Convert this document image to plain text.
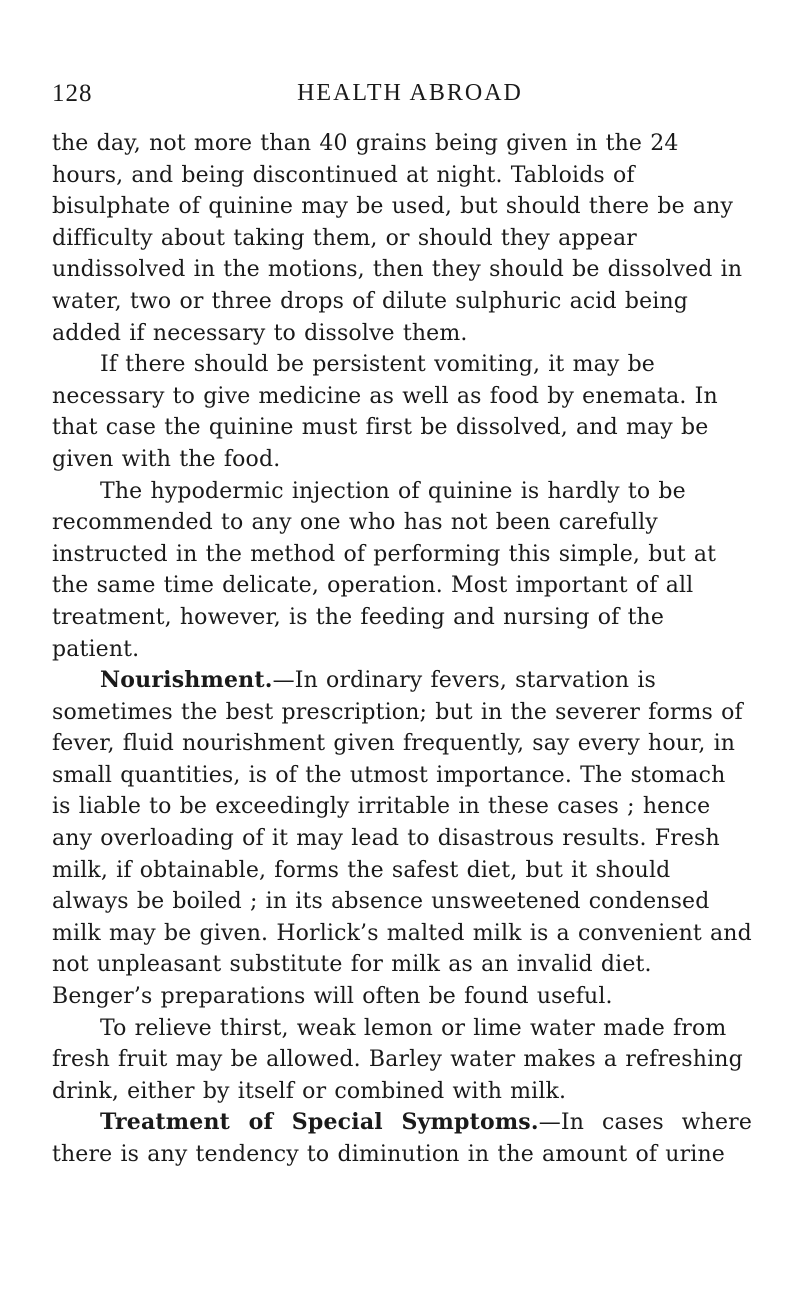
128	HEALTH ABROAD

the day, not more than 40 grains being given in the 24 hours, and being discontinued at night. Tabloids of bisulphate of quinine may be used, but should there be any difficulty about taking them, or should they appear undissolved in the motions, then they should be dissolved in water, two or three drops of dilute sulphuric acid being added if necessary to dissolve them.

If there should be persistent vomiting, it may be necessary to give medicine as well as food by enemata. In that case the quinine must first be dissolved, and may be given with the food.

The hypodermic injection of quinine is hardly to be recommended to any one who has not been carefully instructed in the method of performing this simple, but at the same time delicate, operation. Most important of all treatment, however, is the feeding and nursing of the patient.

Nourishment.—In ordinary fevers, starvation is sometimes the best prescription; but in the severer forms of fever, fluid nourishment given frequently, say every hour, in small quantities, is of the utmost importance. The stomach is liable to be exceedingly irritable in these cases ; hence any overloading of it may lead to disastrous results. Fresh milk, if obtainable, forms the safest diet, but it should always be boiled ; in its absence unsweetened condensed milk may be given. Horlick’s malted milk is a convenient and not unpleasant substitute for milk as an invalid diet. Benger’s preparations will often be found useful.

To relieve thirst, weak lemon or lime water made from fresh fruit may be allowed. Barley water makes a refreshing drink, either by itself or combined with milk.

Treatment of Special Symptoms.—In cases where there is any tendency to diminution in the amount of urine
